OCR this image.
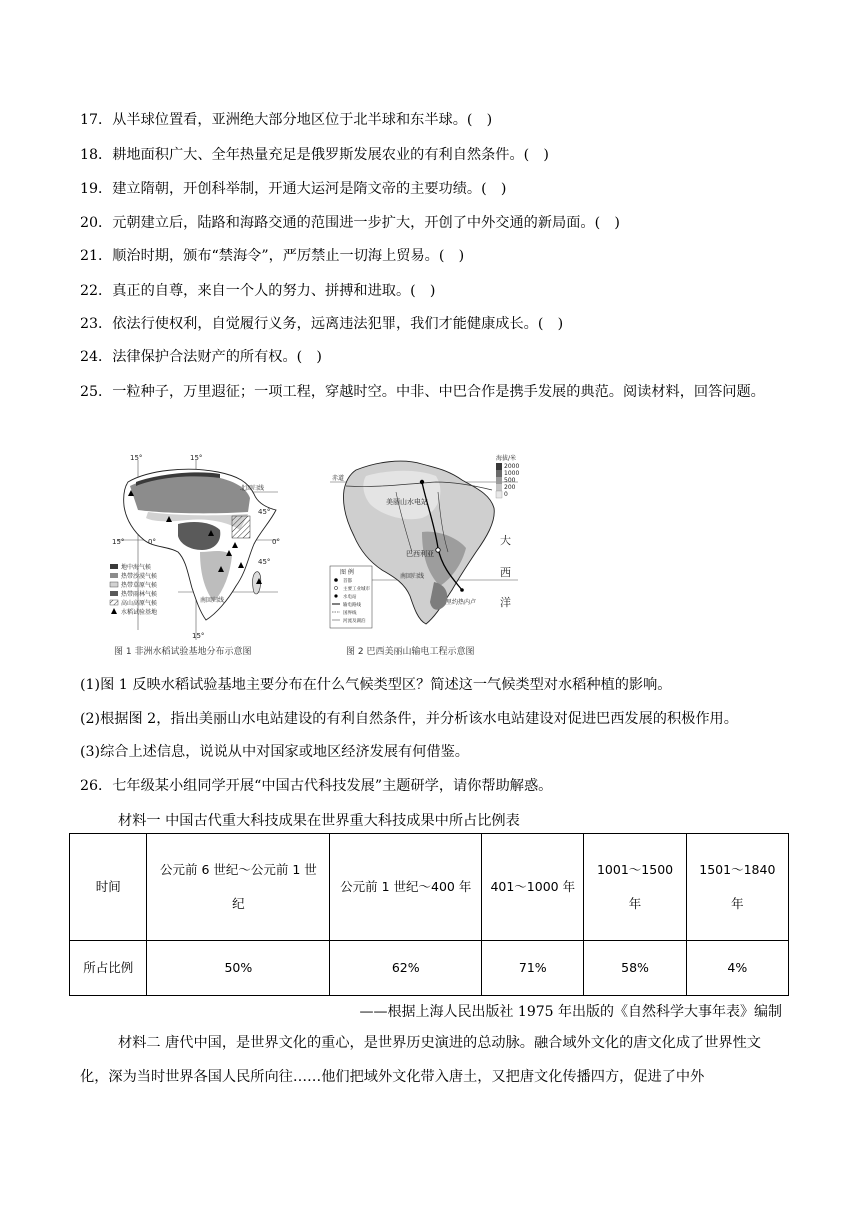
17．从半球位置看，亚洲绝大部分地区位于北半球和东半球。(　)
18．耕地面积广大、全年热量充足是俄罗斯发展农业的有利自然条件。(　)
19．建立隋朝，开创科举制，开通大运河是隋文帝的主要功绩。(　)
20．元朝建立后，陆路和海路交通的范围进一步扩大，开创了中外交通的新局面。(　)
21．顺治时期，颁布“禁海令”，严厉禁止一切海上贸易。(　)
22．真正的自尊，来自一个人的努力、拼搏和进取。(　)
23．依法行使权利，自觉履行义务，远离违法犯罪，我们才能健康成长。(　)
24．法律保护合法财产的所有权。(　)
25．一粒种子，万里遐征；一项工程，穿越时空。中非、中巴合作是携手发展的典范。阅读材料，回答问题。
15°	15°
15°	0°	0°
45°
45°
15°
北回归线
南回归线
地中海气候
热带沙漠气候
热带草原气候
热带雨林气候
高山高原气候
水稻试验基地
图 1 非洲水稻试验基地分布示意图
海拔/米
2000
1000
500
200
0
赤道
美丽山水电站
巴西利亚
里约热内卢
南回归线
大
西
洋
图 例
首都
主要工业城市
水电站
输电路线
国界线
河流及湖泊
图 2 巴西美丽山输电工程示意图
(1)图 1 反映水稻试验基地主要分布在什么气候类型区？简述这一气候类型对水稻种植的影响。
(2)根据图 2，指出美丽山水电站建设的有利自然条件，并分析该水电站建设对促进巴西发展的积极作用。
(3)综合上述信息，说说从中对国家或地区经济发展有何借鉴。
26．七年级某小组同学开展“中国古代科技发展”主题研学，请你帮助解惑。
材料一 中国古代重大科技成果在世界重大科技成果中所占比例表
时间	公元前 6 世纪～公元前 1 世纪	公元前 1 世纪～400 年	401～1000 年	1001～1500 年	1501～1840 年
所占比例	50%	62%	71%	58%	4%
——根据上海人民出版社 1975 年出版的《自然科学大事年表》编制
材料二 唐代中国，是世界文化的重心，是世界历史演进的总动脉。融合域外文化的唐文化成了世界性文化，深为当时世界各国人民所向往……他们把域外文化带入唐土，又把唐文化传播四方，促进了中外
